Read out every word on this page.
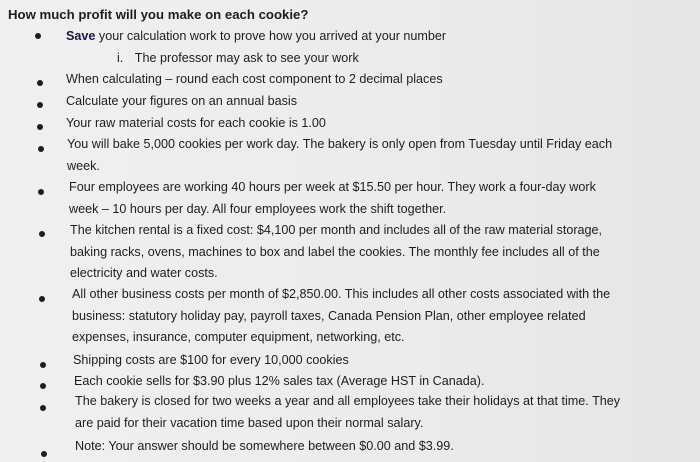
How much profit will you make on each cookie?
Save your calculation work to prove how you arrived at your number
i. The professor may ask to see your work
When calculating – round each cost component to 2 decimal places
Calculate your figures on an annual basis
Your raw material costs for each cookie is 1.00
You will bake 5,000 cookies per work day. The bakery is only open from Tuesday until Friday each
week.
Four employees are working 40 hours per week at $15.50 per hour. They work a four-day work
week – 10 hours per day. All four employees work the shift together.
The kitchen rental is a fixed cost: $4,100 per month and includes all of the raw material storage,
baking racks, ovens, machines to box and label the cookies. The monthly fee includes all of the
electricity and water costs.
All other business costs per month of $2,850.00. This includes all other costs associated with the
business: statutory holiday pay, payroll taxes, Canada Pension Plan, other employee related
expenses, insurance, computer equipment, networking, etc.
Shipping costs are $100 for every 10,000 cookies
Each cookie sells for $3.90 plus 12% sales tax (Average HST in Canada).
The bakery is closed for two weeks a year and all employees take their holidays at that time. They
are paid for their vacation time based upon their normal salary.
Note: Your answer should be somewhere between $0.00 and $3.99.
